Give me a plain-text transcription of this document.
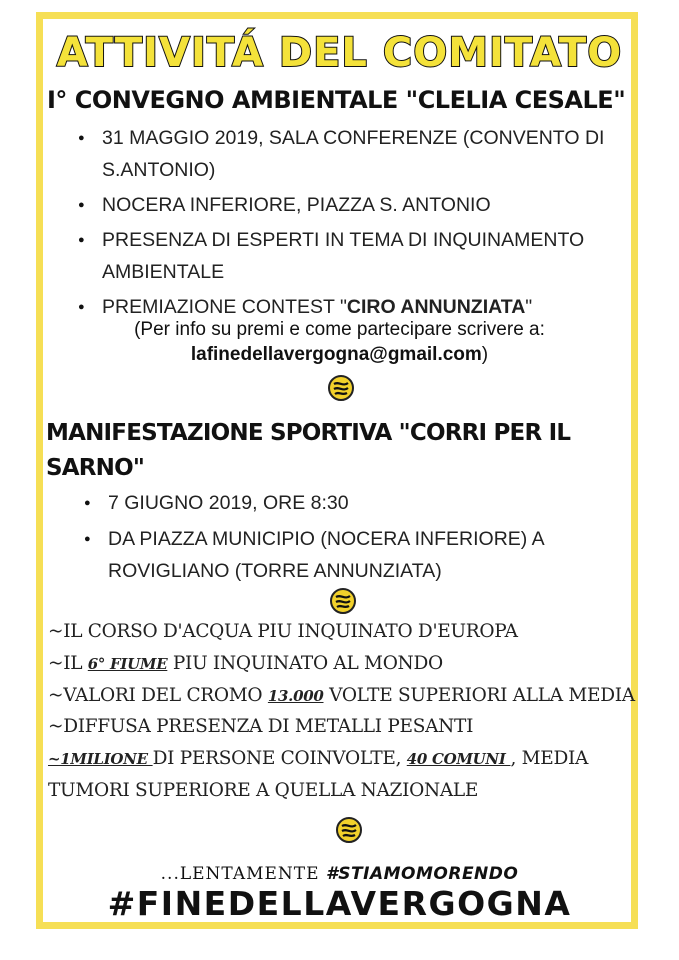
ATTIVITÁ DEL COMITATO
I° CONVEGNO AMBIENTALE "CLELIA CESALE"
● 31 MAGGIO 2019, SALA CONFERENZE (CONVENTO DI
S.ANTONIO)
● NOCERA INFERIORE, PIAZZA S. ANTONIO
● PRESENZA DI ESPERTI IN TEMA DI INQUINAMENTO
AMBIENTALE
● PREMIAZIONE CONTEST "CIRO ANNUNZIATA"
(Per info su premi e come partecipare scrivere a:
lafinedellavergogna@gmail.com)
MANIFESTAZIONE SPORTIVA "CORRI PER IL
SARNO"
● 7 GIUGNO 2019, ORE 8:30
● DA PIAZZA MUNICIPIO (NOCERA INFERIORE) A
ROVIGLIANO (TORRE ANNUNZIATA)
~IL CORSO D'ACQUA PIU INQUINATO D'EUROPA
~IL 6° FIUME PIU INQUINATO AL MONDO
~VALORI DEL CROMO 13.000 VOLTE SUPERIORI ALLA MEDIA
~DIFFUSA PRESENZA DI METALLI PESANTI
~1MILIONE DI PERSONE COINVOLTE, 40 COMUNI , MEDIA
TUMORI SUPERIORE A QUELLA NAZIONALE
...LENTAMENTE #STIAMOMORENDO
#FINEDELLAVERGOGNA
